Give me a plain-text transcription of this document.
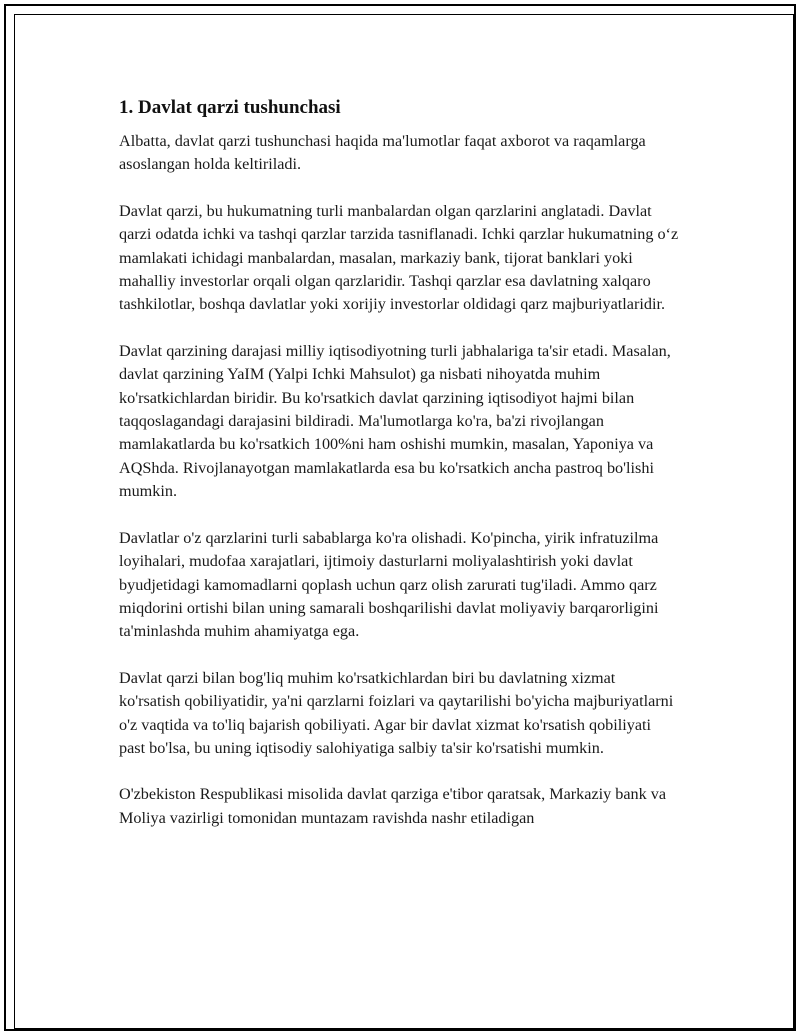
1. Davlat qarzi tushunchasi

Albatta, davlat qarzi tushunchasi haqida ma'lumotlar faqat axborot va raqamlarga asoslangan holda keltiriladi.

Davlat qarzi, bu hukumatning turli manbalardan olgan qarzlarini anglatadi. Davlat qarzi odatda ichki va tashqi qarzlar tarzida tasniflanadi. Ichki qarzlar hukumatning o‘z mamlakati ichidagi manbalardan, masalan, markaziy bank, tijorat banklari yoki mahalliy investorlar orqali olgan qarzlaridir. Tashqi qarzlar esa davlatning xalqaro tashkilotlar, boshqa davlatlar yoki xorijiy investorlar oldidagi qarz majburiyatlaridir.

Davlat qarzining darajasi milliy iqtisodiyotning turli jabhalariga ta'sir etadi. Masalan, davlat qarzining YaIM (Yalpi Ichki Mahsulot) ga nisbati nihoyatda muhim ko'rsatkichlardan biridir. Bu ko'rsatkich davlat qarzining iqtisodiyot hajmi bilan taqqoslagandagi darajasini bildiradi. Ma'lumotlarga ko'ra, ba'zi rivojlangan mamlakatlarda bu ko'rsatkich 100%ni ham oshishi mumkin, masalan, Yaponiya va AQShda. Rivojlanayotgan mamlakatlarda esa bu ko'rsatkich ancha pastroq bo'lishi mumkin.

Davlatlar o'z qarzlarini turli sabablarga ko'ra olishadi. Ko'pincha, yirik infratuzilma loyihalari, mudofaa xarajatlari, ijtimoiy dasturlarni moliyalashtirish yoki davlat byudjetidagi kamomadlarni qoplash uchun qarz olish zarurati tug'iladi. Ammo qarz miqdorini ortishi bilan uning samarali boshqarilishi davlat moliyaviy barqarorligini ta'minlashda muhim ahamiyatga ega.

Davlat qarzi bilan bog'liq muhim ko'rsatkichlardan biri bu davlatning xizmat ko'rsatish qobiliyatidir, ya'ni qarzlarni foizlari va qaytarilishi bo'yicha majburiyatlarni o'z vaqtida va to'liq bajarish qobiliyati. Agar bir davlat xizmat ko'rsatish qobiliyati past bo'lsa, bu uning iqtisodiy salohiyatiga salbiy ta'sir ko'rsatishi mumkin.

O'zbekiston Respublikasi misolida davlat qarziga e'tibor qaratsak, Markaziy bank va Moliya vazirligi tomonidan muntazam ravishda nashr etiladigan
